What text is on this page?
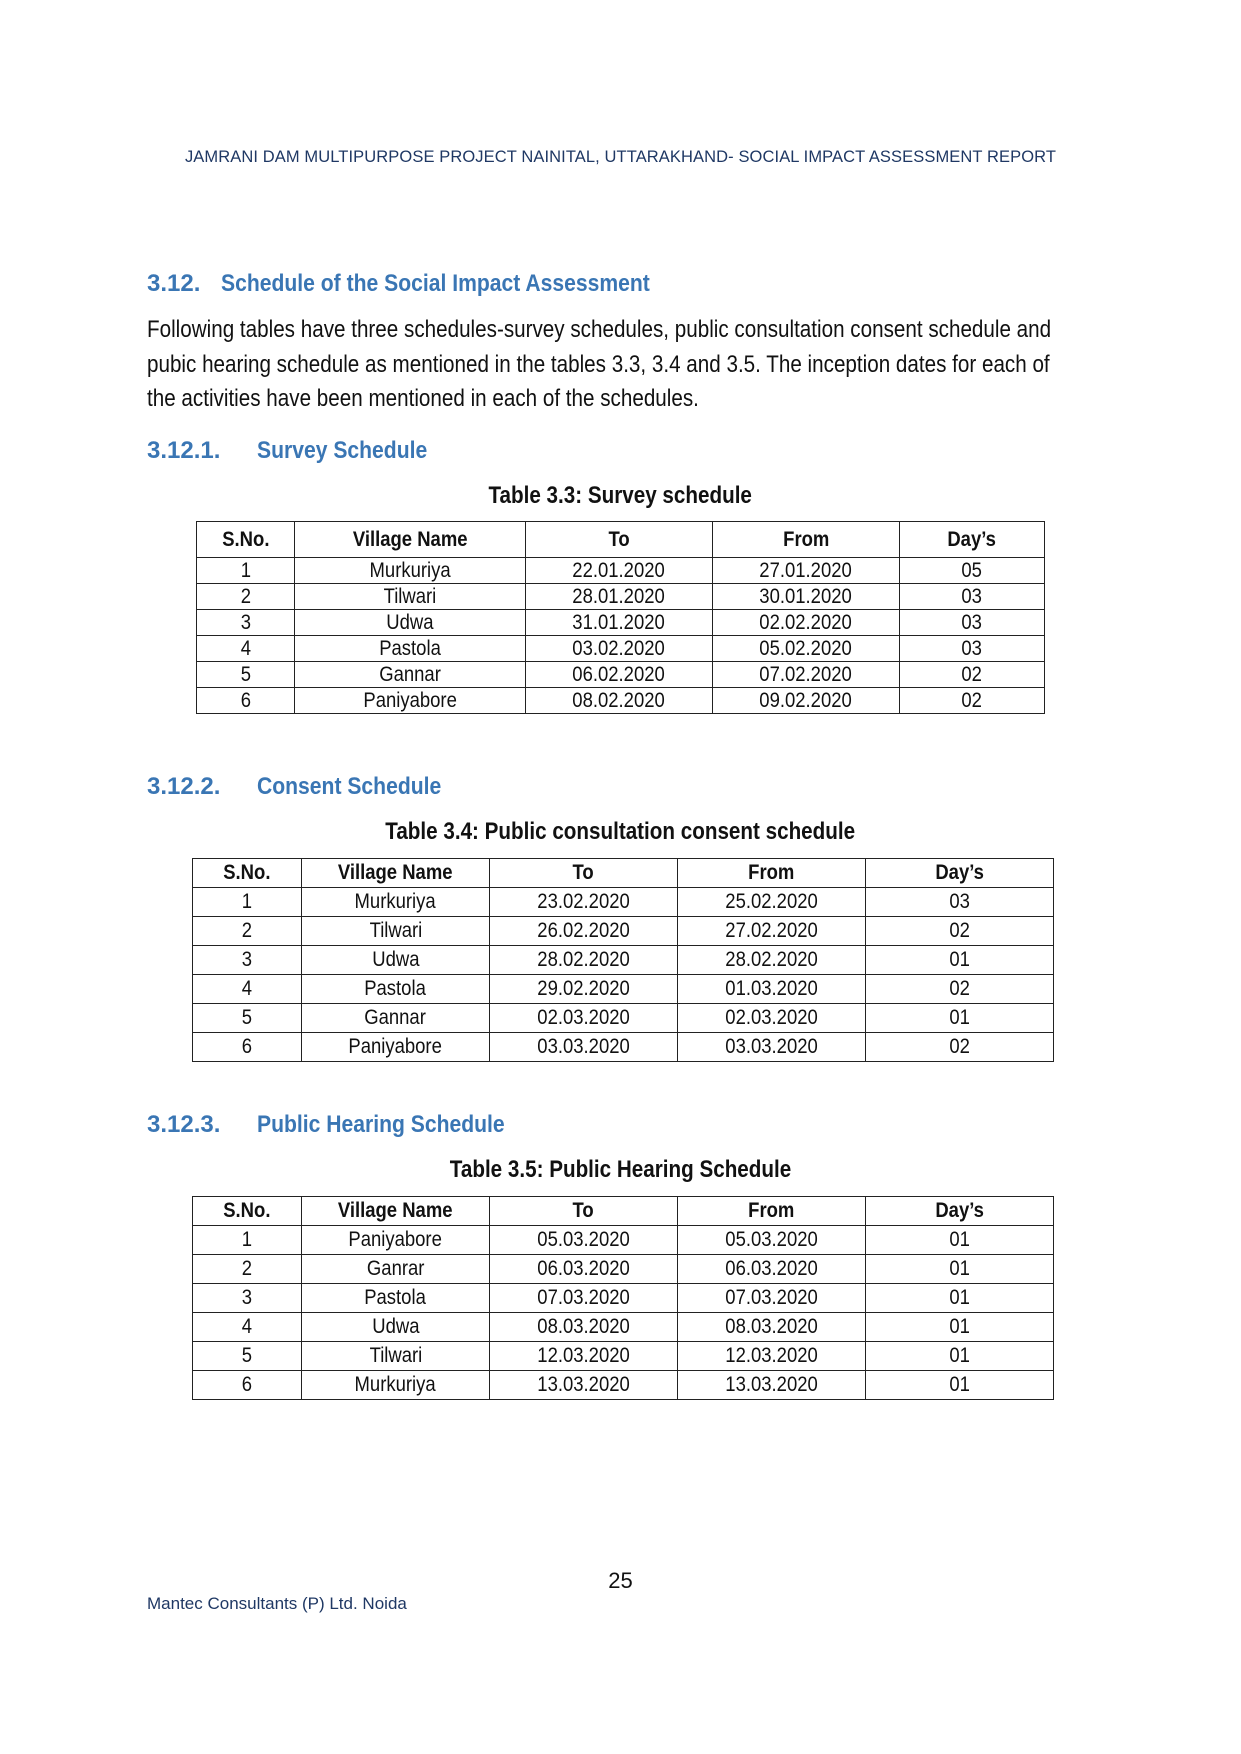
JAMRANI DAM MULTIPURPOSE PROJECT NAINITAL, UTTARAKHAND- SOCIAL IMPACT ASSESSMENT REPORT
3.12. Schedule of the Social Impact Assessment
Following tables have three schedules-survey schedules, public consultation consent schedule and
pubic hearing schedule as mentioned in the tables 3.3, 3.4 and 3.5. The inception dates for each of
the activities have been mentioned in each of the schedules.
3.12.1. Survey Schedule
Table 3.3: Survey schedule
S.No.	Village Name	To	From	Day’s
1	Murkuriya	22.01.2020	27.01.2020	05
2	Tilwari	28.01.2020	30.01.2020	03
3	Udwa	31.01.2020	02.02.2020	03
4	Pastola	03.02.2020	05.02.2020	03
5	Gannar	06.02.2020	07.02.2020	02
6	Paniyabore	08.02.2020	09.02.2020	02
3.12.2. Consent Schedule
Table 3.4: Public consultation consent schedule
S.No.	Village Name	To	From	Day’s
1	Murkuriya	23.02.2020	25.02.2020	03
2	Tilwari	26.02.2020	27.02.2020	02
3	Udwa	28.02.2020	28.02.2020	01
4	Pastola	29.02.2020	01.03.2020	02
5	Gannar	02.03.2020	02.03.2020	01
6	Paniyabore	03.03.2020	03.03.2020	02
3.12.3. Public Hearing Schedule
Table 3.5: Public Hearing Schedule
S.No.	Village Name	To	From	Day’s
1	Paniyabore	05.03.2020	05.03.2020	01
2	Ganrar	06.03.2020	06.03.2020	01
3	Pastola	07.03.2020	07.03.2020	01
4	Udwa	08.03.2020	08.03.2020	01
5	Tilwari	12.03.2020	12.03.2020	01
6	Murkuriya	13.03.2020	13.03.2020	01
25
Mantec Consultants (P) Ltd. Noida
